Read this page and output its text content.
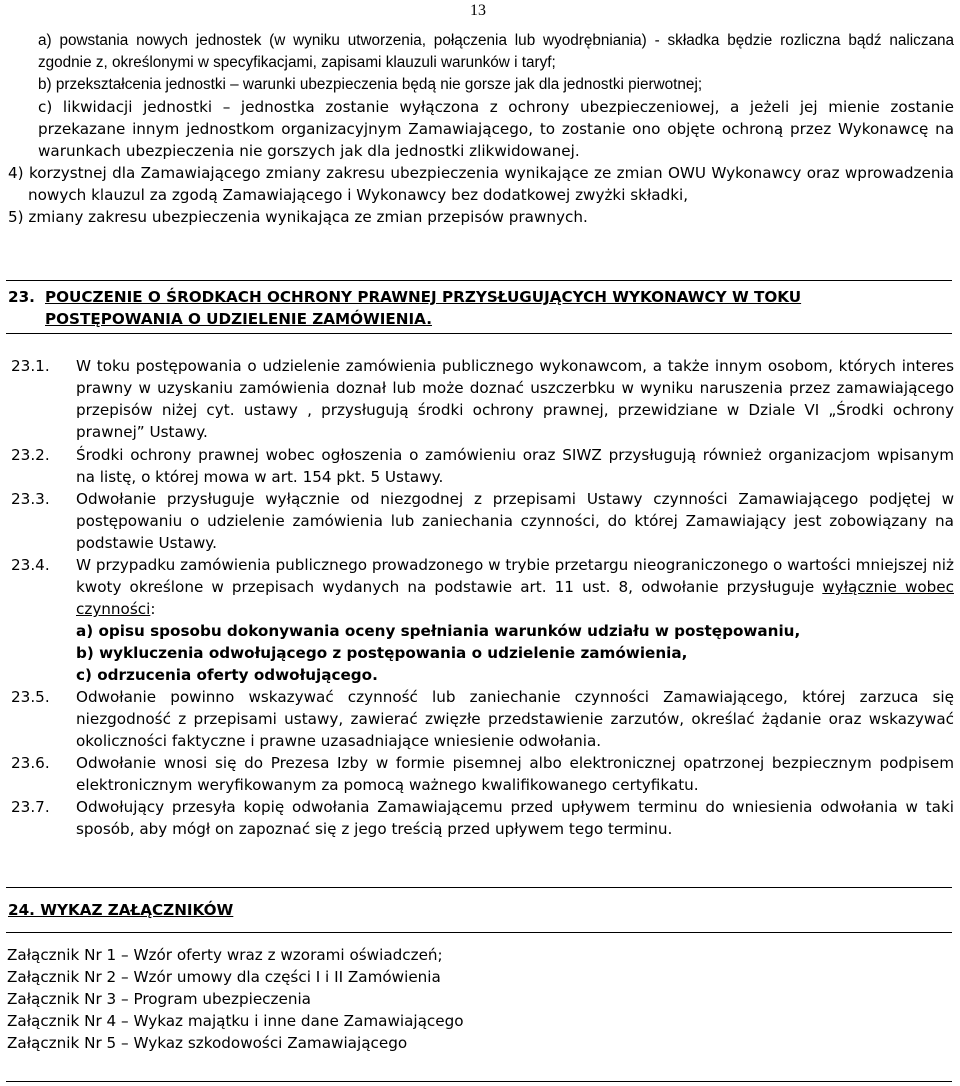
13
a) powstania nowych jednostek (w wyniku utworzenia, połączenia lub wyodrębniania) - składka będzie rozliczna bądź naliczana zgodnie z, określonymi w specyfikacjami, zapisami klauzuli warunków i taryf;
b) przekształcenia jednostki – warunki ubezpieczenia będą nie gorsze jak dla jednostki pierwotnej;
c) likwidacji jednostki – jednostka zostanie wyłączona z ochrony ubezpieczeniowej, a jeżeli jej mienie zostanie przekazane innym jednostkom organizacyjnym Zamawiającego, to zostanie ono objęte ochroną przez Wykonawcę na warunkach ubezpieczenia nie gorszych jak dla jednostki zlikwidowanej.
4) korzystnej dla Zamawiającego zmiany zakresu ubezpieczenia wynikające ze zmian OWU Wykonawcy oraz wprowadzenia nowych klauzul za zgodą Zamawiającego i Wykonawcy bez dodatkowej zwyżki składki,
5) zmiany zakresu ubezpieczenia wynikająca ze zmian przepisów prawnych.
23. POUCZENIE O ŚRODKACH OCHRONY PRAWNEJ PRZYSŁUGUJĄCYCH WYKONAWCY W TOKU
POSTĘPOWANIA O UDZIELENIE ZAMÓWIENIA.
23.1. W toku postępowania o udzielenie zamówienia publicznego wykonawcom, a także innym osobom, których interes prawny w uzyskaniu zamówienia doznał lub może doznać uszczerbku w wyniku naruszenia przez zamawiającego przepisów niżej cyt. ustawy , przysługują środki ochrony prawnej, przewidziane w Dziale VI „Środki ochrony prawnej” Ustawy.
23.2. Środki ochrony prawnej wobec ogłoszenia o zamówieniu oraz SIWZ przysługują również organizacjom wpisanym na listę, o której mowa w art. 154 pkt. 5 Ustawy.
23.3. Odwołanie przysługuje wyłącznie od niezgodnej z przepisami Ustawy czynności Zamawiającego podjętej w postępowaniu o udzielenie zamówienia lub zaniechania czynności, do której Zamawiający jest zobowiązany na podstawie Ustawy.
23.4. W przypadku zamówienia publicznego prowadzonego w trybie przetargu nieograniczonego o wartości mniejszej niż kwoty określone w przepisach wydanych na podstawie art. 11 ust. 8, odwołanie przysługuje wyłącznie wobec czynności:
a) opisu sposobu dokonywania oceny spełniania warunków udziału w postępowaniu,
b) wykluczenia odwołującego z postępowania o udzielenie zamówienia,
c) odrzucenia oferty odwołującego.
23.5. Odwołanie powinno wskazywać czynność lub zaniechanie czynności Zamawiającego, której zarzuca się niezgodność z przepisami ustawy, zawierać zwięzłe przedstawienie zarzutów, określać żądanie oraz wskazywać okoliczności faktyczne i prawne uzasadniające wniesienie odwołania.
23.6. Odwołanie wnosi się do Prezesa Izby w formie pisemnej albo elektronicznej opatrzonej bezpiecznym podpisem elektronicznym weryfikowanym za pomocą ważnego kwalifikowanego certyfikatu.
23.7. Odwołujący przesyła kopię odwołania Zamawiającemu przed upływem terminu do wniesienia odwołania w taki sposób, aby mógł on zapoznać się z jego treścią przed upływem tego terminu.
24. WYKAZ ZAŁĄCZNIKÓW
Załącznik Nr 1 – Wzór oferty wraz z wzorami oświadczeń;
Załącznik Nr 2 – Wzór umowy dla części I i II Zamówienia
Załącznik Nr 3 – Program ubezpieczenia
Załącznik Nr 4 – Wykaz majątku i inne dane Zamawiającego
Załącznik Nr 5 – Wykaz szkodowości Zamawiającego
